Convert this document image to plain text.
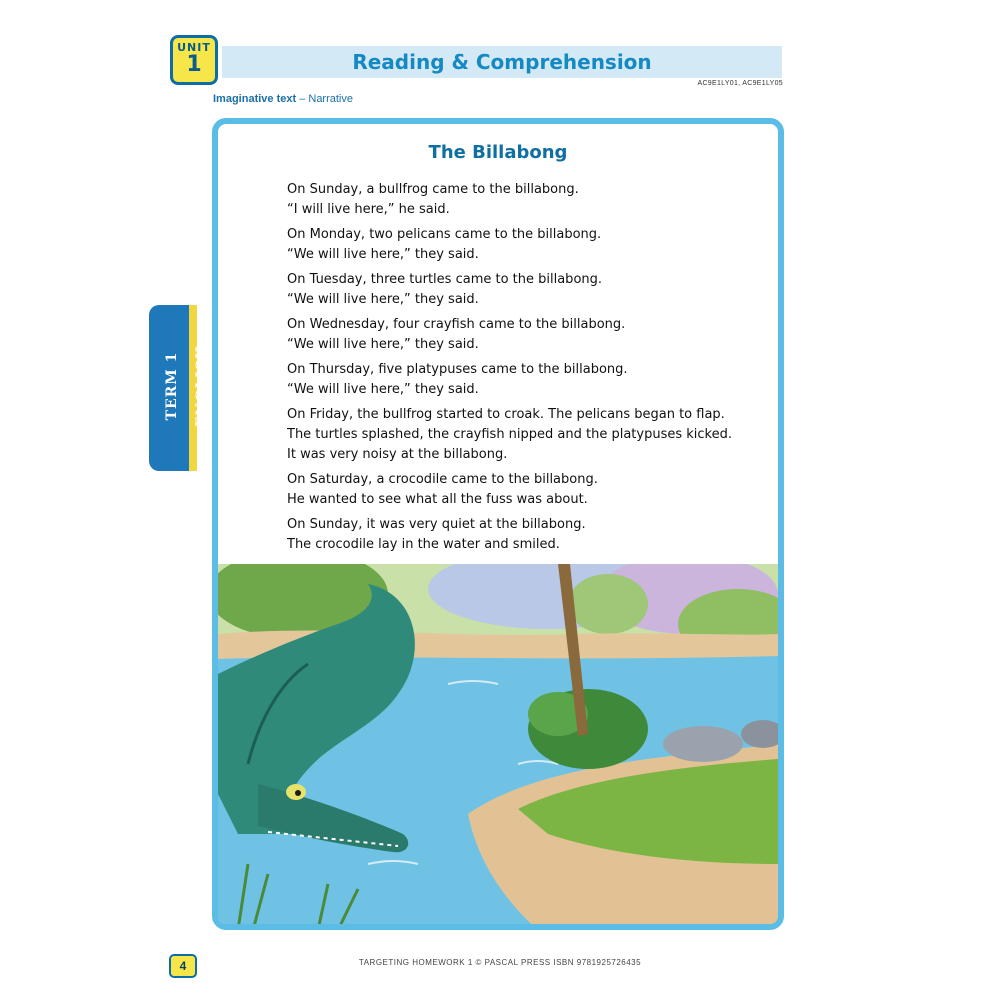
UNIT
1	Reading & Comprehension
AC9E1LY01, AC9E1LY05
Imaginative text – Narrative
TERM 1 ENGLISH
The Billabong

On Sunday, a bullfrog came to the billabong.
“I will live here,” he said.

On Monday, two pelicans came to the billabong.
“We will live here,” they said.

On Tuesday, three turtles came to the billabong.
“We will live here,” they said.

On Wednesday, four crayfish came to the billabong.
“We will live here,” they said.

On Thursday, five platypuses came to the billabong.
“We will live here,” they said.

On Friday, the bullfrog started to croak. The pelicans began to flap.
The turtles splashed, the crayfish nipped and the platypuses kicked.
It was very noisy at the billabong.

On Saturday, a crocodile came to the billabong.
He wanted to see what all the fuss was about.

On Sunday, it was very quiet at the billabong.
The crocodile lay in the water and smiled.

4	TARGETING HOMEWORK 1 © PASCAL PRESS ISBN 9781925726435
